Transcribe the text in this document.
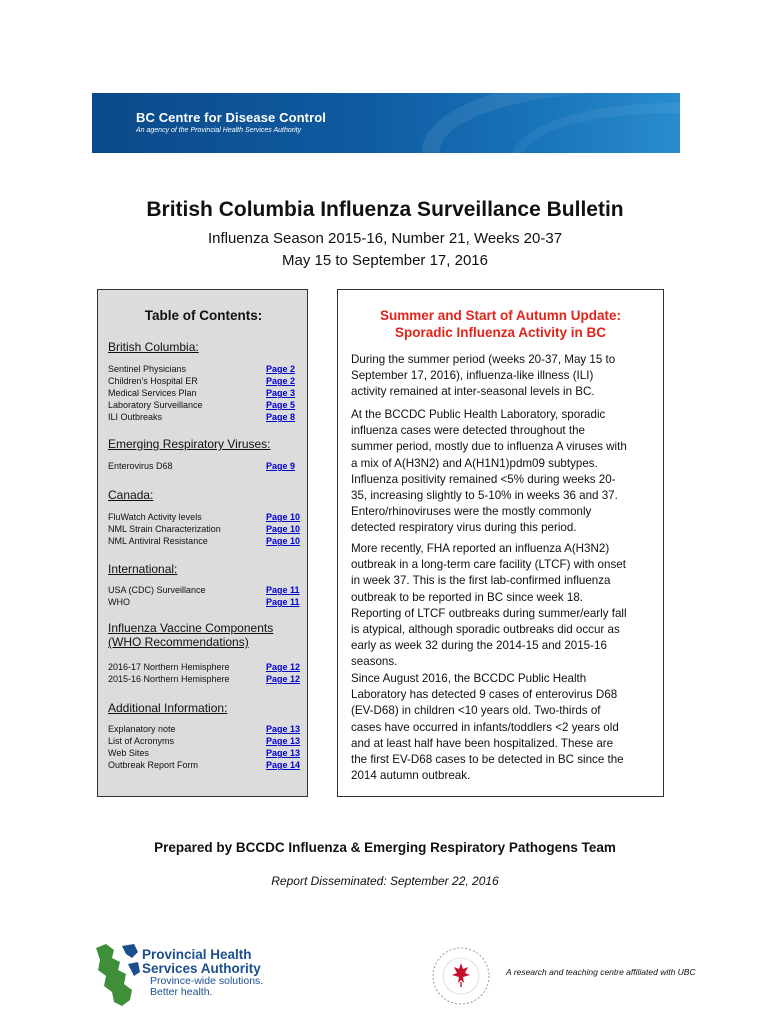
BC Centre for Disease Control
An agency of the Provincial Health Services Authority
British Columbia Influenza Surveillance Bulletin
Influenza Season 2015-16, Number 21, Weeks 20-37
May 15 to September 17, 2016
Table of Contents:
British Columbia:
Sentinel Physicians	Page 2
Children's Hospital ER	Page 2
Medical Services Plan	Page 3
Laboratory Surveillance	Page 5
ILI Outbreaks	Page 8
Emerging Respiratory Viruses:
Enterovirus D68	Page 9
Canada:
FluWatch Activity levels	Page 10
NML Strain Characterization	Page 10
NML Antiviral Resistance	Page 10
International:
USA (CDC) Surveillance	Page 11
WHO	Page 11
Influenza Vaccine Components
(WHO Recommendations)
2016-17 Northern Hemisphere	Page 12
2015-16 Northern Hemisphere	Page 12
Additional Information:
Explanatory note	Page 13
List of Acronyms	Page 13
Web Sites	Page 13
Outbreak Report Form	Page 14
Summer and Start of Autumn Update:
Sporadic Influenza Activity in BC
During the summer period (weeks 20-37, May 15 to
September 17, 2016), influenza-like illness (ILI)
activity remained at inter-seasonal levels in BC.
At the BCCDC Public Health Laboratory, sporadic
influenza cases were detected throughout the
summer period, mostly due to influenza A viruses with
a mix of A(H3N2) and A(H1N1)pdm09 subtypes.
Influenza positivity remained <5% during weeks 20-
35, increasing slightly to 5-10% in weeks 36 and 37.
Entero/rhinoviruses were the mostly commonly
detected respiratory virus during this period.
More recently, FHA reported an influenza A(H3N2)
outbreak in a long-term care facility (LTCF) with onset
in week 37. This is the first lab-confirmed influenza
outbreak to be reported in BC since week 18.
Reporting of LTCF outbreaks during summer/early fall
is atypical, although sporadic outbreaks did occur as
early as week 32 during the 2014-15 and 2015-16
seasons.
Since August 2016, the BCCDC Public Health
Laboratory has detected 9 cases of enterovirus D68
(EV-D68) in children <10 years old. Two-thirds of
cases have occurred in infants/toddlers <2 years old
and at least half have been hospitalized. These are
the first EV-D68 cases to be detected in BC since the
2014 autumn outbreak.
Prepared by BCCDC Influenza & Emerging Respiratory Pathogens Team
Report Disseminated: September 22, 2016
Provincial Health
Services Authority
Province-wide solutions.
Better health.
A research and teaching centre affiliated with UBC
